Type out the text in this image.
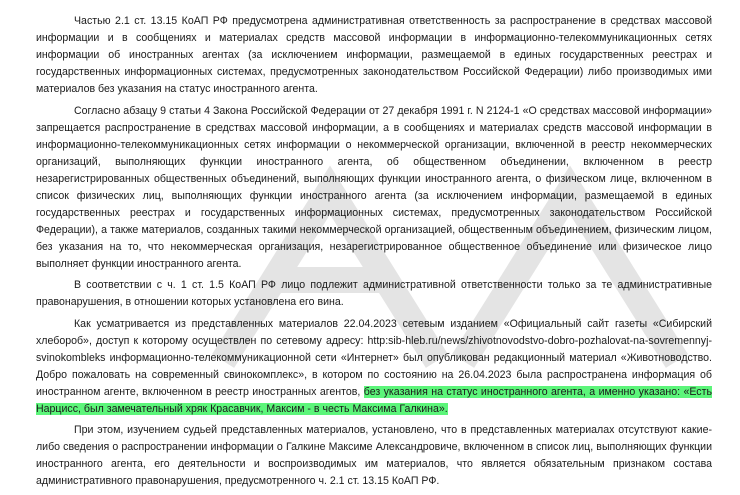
Частью 2.1 ст. 13.15 КоАП РФ предусмотрена административная ответственность за распространение в средствах массовой информации и в сообщениях и материалах средств массовой информации в информационно-телекоммуникационных сетях информации об иностранных агентах (за исключением информации, размещаемой в единых государственных реестрах и государственных информационных системах, предусмотренных законодательством Российской Федерации) либо производимых ими материалов без указания на статус иностранного агента.

Согласно абзацу 9 статьи 4 Закона Российской Федерации от 27 декабря 1991 г. N 2124-1 «О средствах массовой информации» запрещается распространение в средствах массовой информации, а в сообщениях и материалах средств массовой информации в информационно-телекоммуникационных сетях информации о некоммерческой организации, включенной в реестр некоммерческих организаций, выполняющих функции иностранного агента, об общественном объединении, включенном в реестр незарегистрированных общественных объединений, выполняющих функции иностранного агента, о физическом лице, включенном в список физических лиц, выполняющих функции иностранного агента (за исключением информации, размещаемой в единых государственных реестрах и государственных информационных системах, предусмотренных законодательством Российской Федерации), а также материалов, созданных такими некоммерческой организацией, общественным объединением, физическим лицом, без указания на то, что некоммерческая организация, незарегистрированное общественное объединение или физическое лицо выполняет функции иностранного агента.

В соответствии с ч. 1 ст. 1.5 КоАП РФ лицо подлежит административной ответственности только за те административные правонарушения, в отношении которых установлена его вина.

Как усматривается из представленных материалов 22.04.2023 сетевым изданием «Официальный сайт газеты «Сибирский хлебороб», доступ к которому осуществлен по сетевому адресу: http:sib-hleb.ru/news/zhivotnovodstvo-dobro-pozhalovat-na-sovremennyj-svinokombleks информационно-телекоммуникационной сети «Интернет» был опубликован редакционный материал «Животноводство. Добро пожаловать на современный свинокомплекс», в котором по состоянию на 26.04.2023 была распространена информация об иностранном агенте, включенном в реестр иностранных агентов, без указания на статус иностранного агента, а именно указано: «Есть Нарцисс, был замечательный хряк Красавчик, Максим - в честь Максима Галкина».

При этом, изучением судьей представленных материалов, установлено, что в представленных материалах отсутствуют какие-либо сведения о распространении информации о Галкине Максиме Александровиче, включенном в список лиц, выполняющих функции иностранного агента, его деятельности и воспроизводимых им материалов, что является обязательным признаком состава административного правонарушения, предусмотренного ч. 2.1 ст. 13.15 КоАП РФ.
